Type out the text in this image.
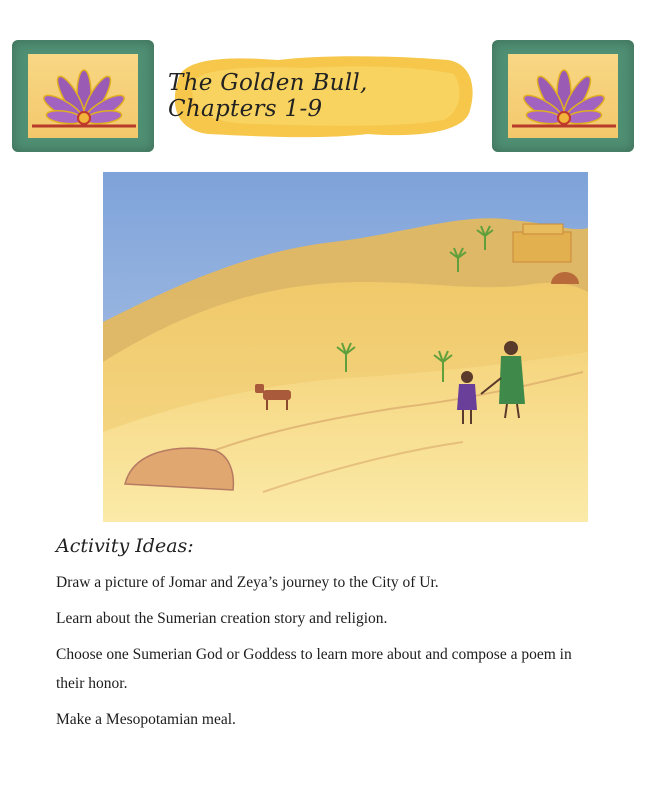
The Golden Bull, Chapters 1-9
Activity Ideas:

Draw a picture of Jomar and Zeya’s journey to the City of Ur.

Learn about the Sumerian creation story and religion.

Choose one Sumerian God or Goddess to learn more about and compose a poem in their honor.

Make a Mesopotamian meal.
